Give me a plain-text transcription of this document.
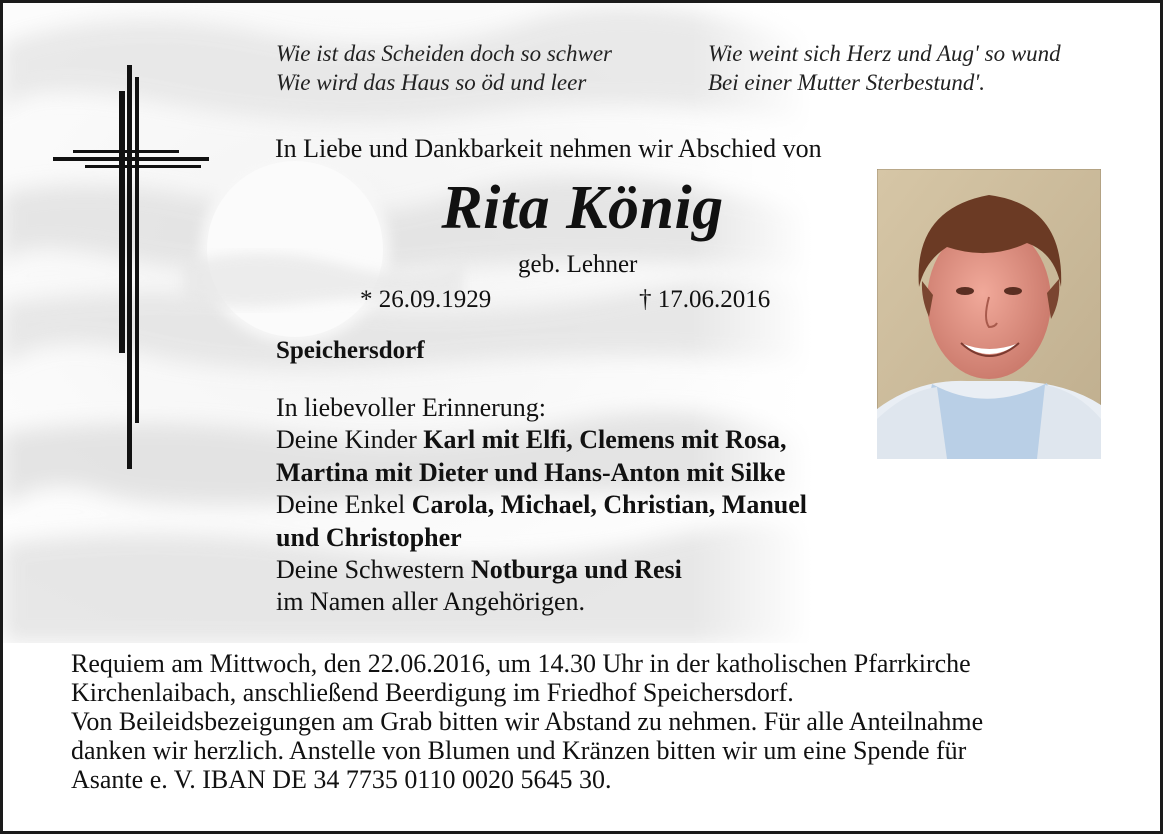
Wie ist das Scheiden doch so schwer
Wie wird das Haus so öd und leer
Wie weint sich Herz und Aug' so wund
Bei einer Mutter Sterbestund'.
In Liebe und Dankbarkeit nehmen wir Abschied von
Rita König
geb. Lehner
* 26.09.1929	† 17.06.2016
Speichersdorf
In liebevoller Erinnerung:
Deine Kinder Karl mit Elfi, Clemens mit Rosa,
Martina mit Dieter und Hans-Anton mit Silke
Deine Enkel Carola, Michael, Christian, Manuel
und Christopher
Deine Schwestern Notburga und Resi
im Namen aller Angehörigen.
Requiem am Mittwoch, den 22.06.2016, um 14.30 Uhr in der katholischen Pfarrkirche
Kirchenlaibach, anschließend Beerdigung im Friedhof Speichersdorf.
Von Beileidsbezeigungen am Grab bitten wir Abstand zu nehmen. Für alle Anteilnahme
danken wir herzlich. Anstelle von Blumen und Kränzen bitten wir um eine Spende für
Asante e. V. IBAN DE 34 7735 0110 0020 5645 30.
